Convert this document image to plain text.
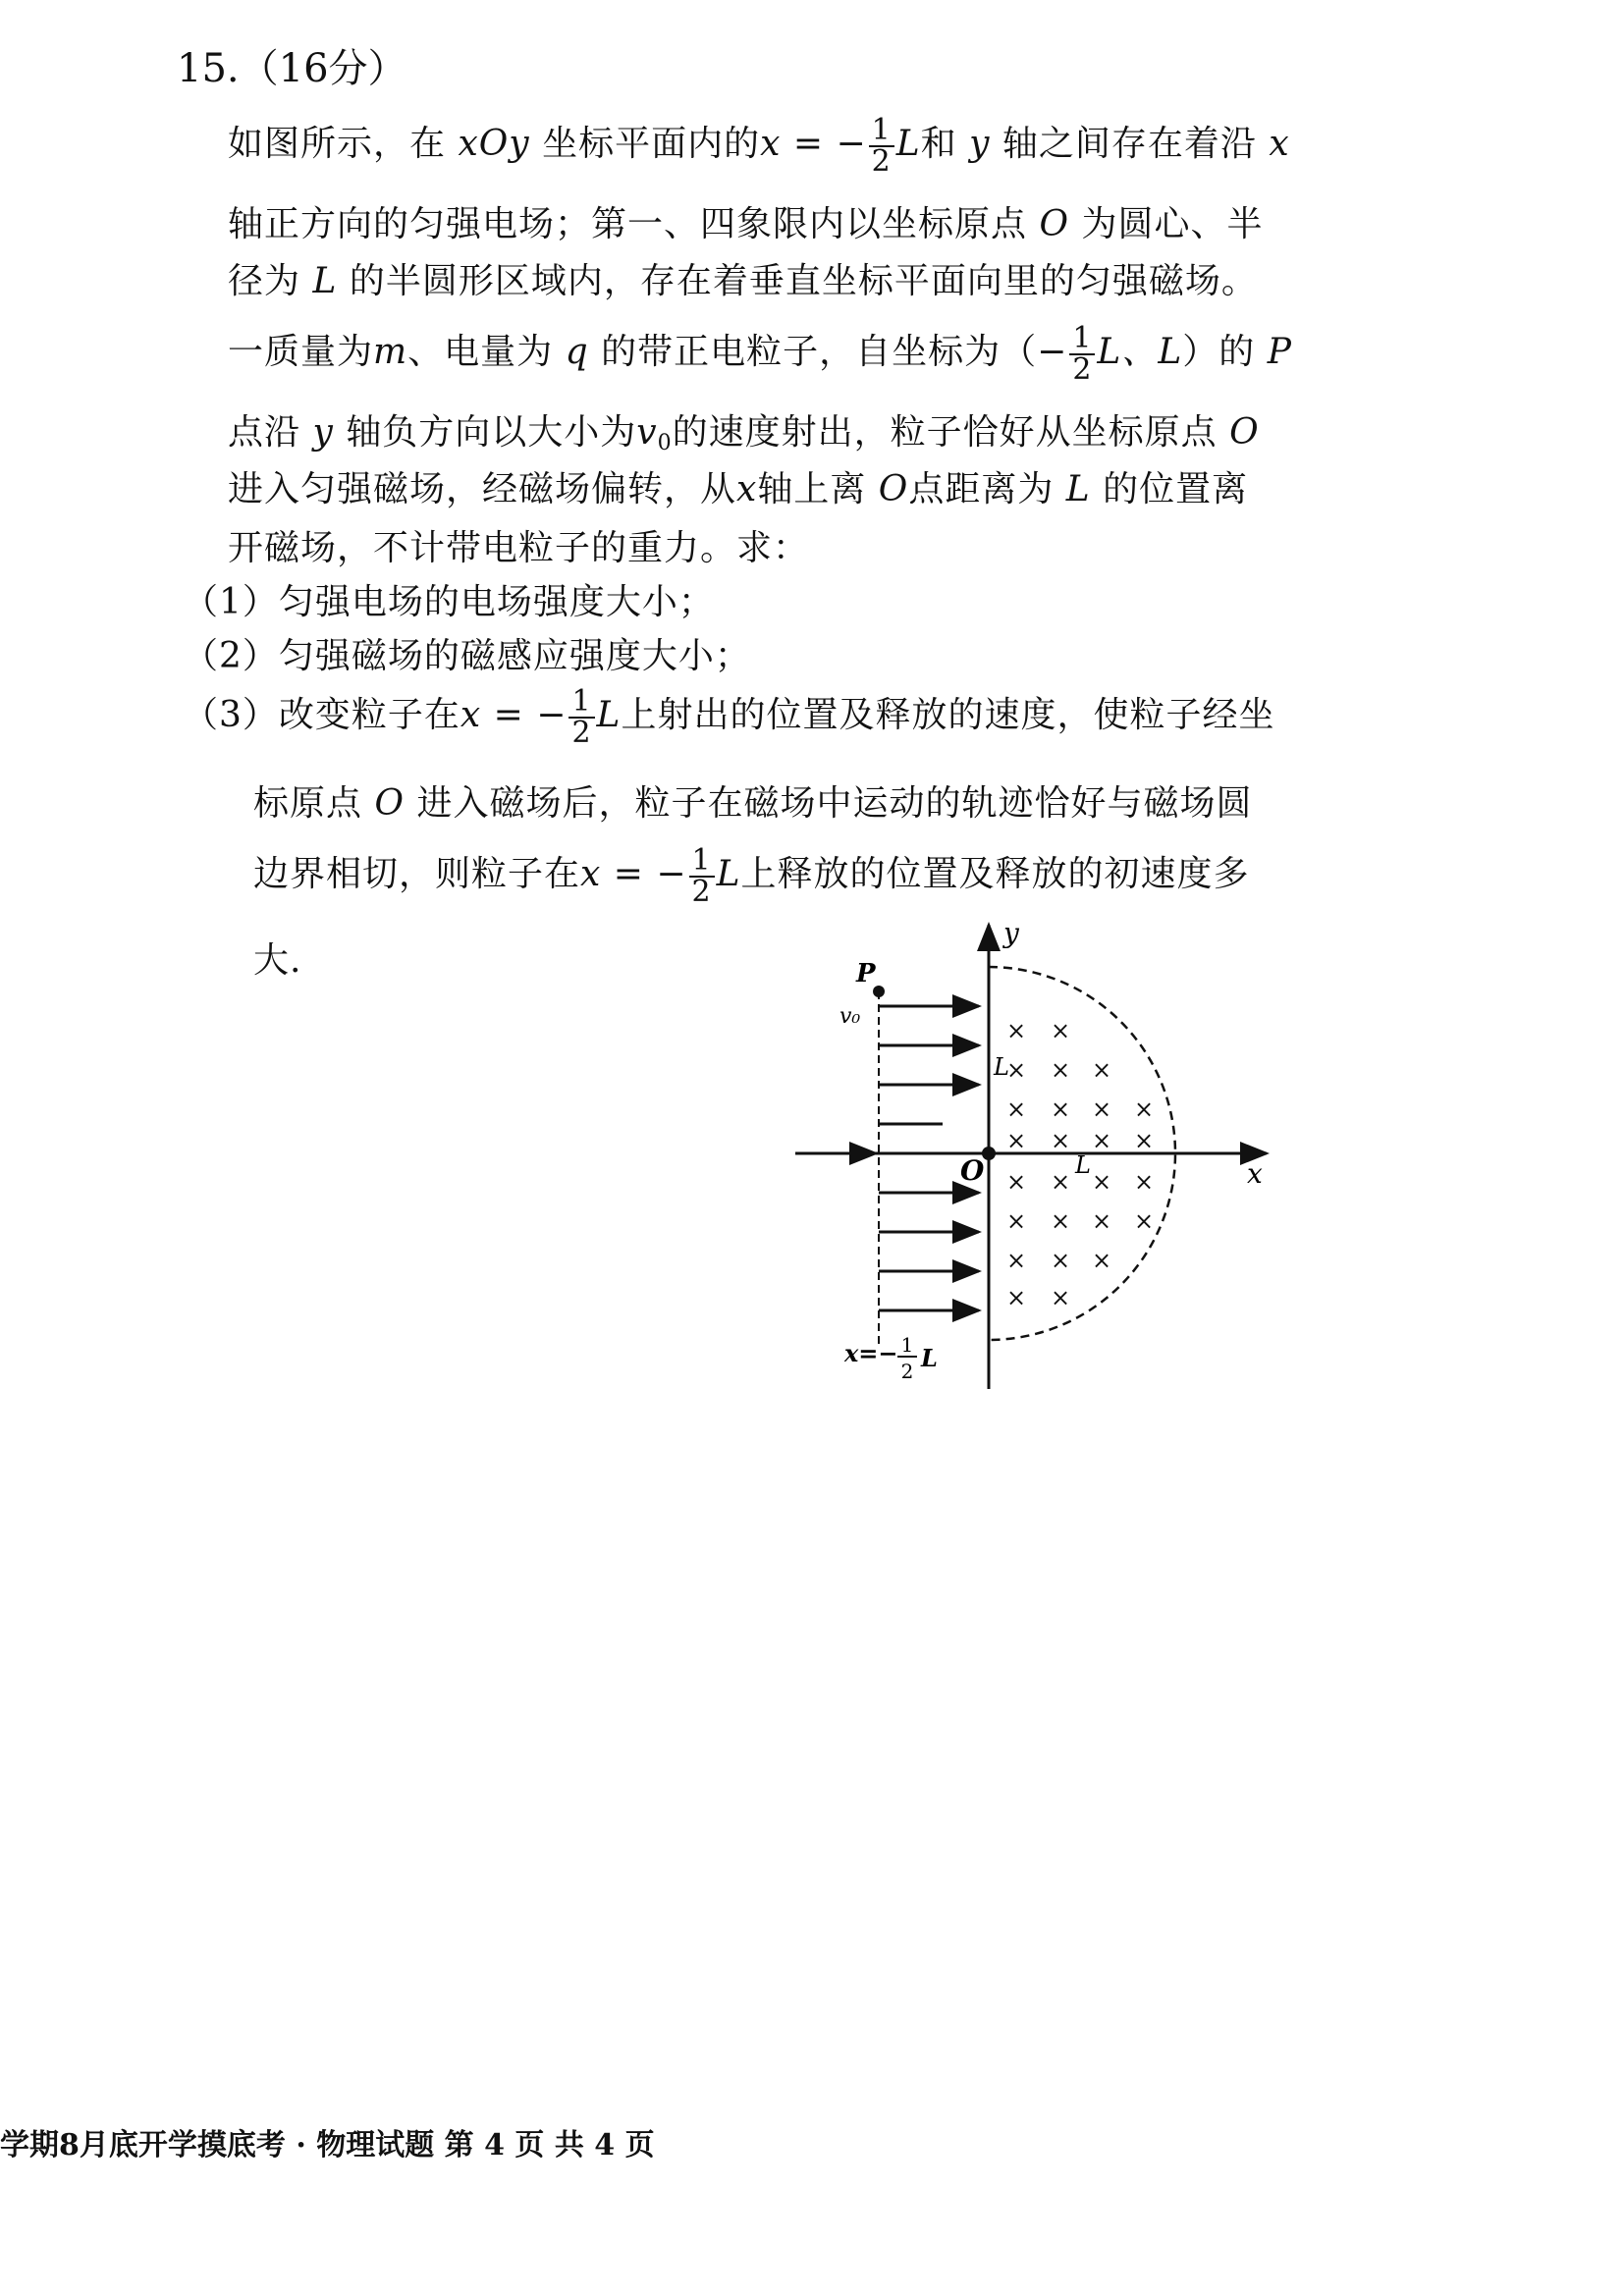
15.（16分）
如图所示，在 xOy 坐标平面内的x = − $\frac{1}{2}$ L和 y 轴之间存在着沿 x
轴正方向的匀强电场；第一、四象限内以坐标原点 O 为圆心、半
径为 L 的半圆形区域内，存在着垂直坐标平面向里的匀强磁场。
一质量为m、电量为 q 的带正电粒子，自坐标为（− $\frac{1}{2}$ L、L）的 P
点沿 y 轴负方向以大小为$v_0$的速度射出，粒子恰好从坐标原点 O
进入匀强磁场，经磁场偏转，从x轴上离 O点距离为 L 的位置离
开磁场，不计带电粒子的重力。求：
（1）匀强电场的电场强度大小；
（2）匀强磁场的磁感应强度大小；
（3）改变粒子在x = − $\frac{1}{2}$ L上射出的位置及释放的速度，使粒子经坐
标原点 O 进入磁场后，粒子在磁场中运动的轨迹恰好与磁场圆
边界相切，则粒子在x = − $\frac{1}{2}$ L上释放的位置及释放的初速度多
大.
× ×
× × ×
× × × ×
× × × ×
× × × ×
× × × ×
× × ×
× ×
y
x
O
P
v₀
L
L
x=− 1
2 L
学期8月底开学摸底考 · 物理试题 第 4 页 共 4 页
